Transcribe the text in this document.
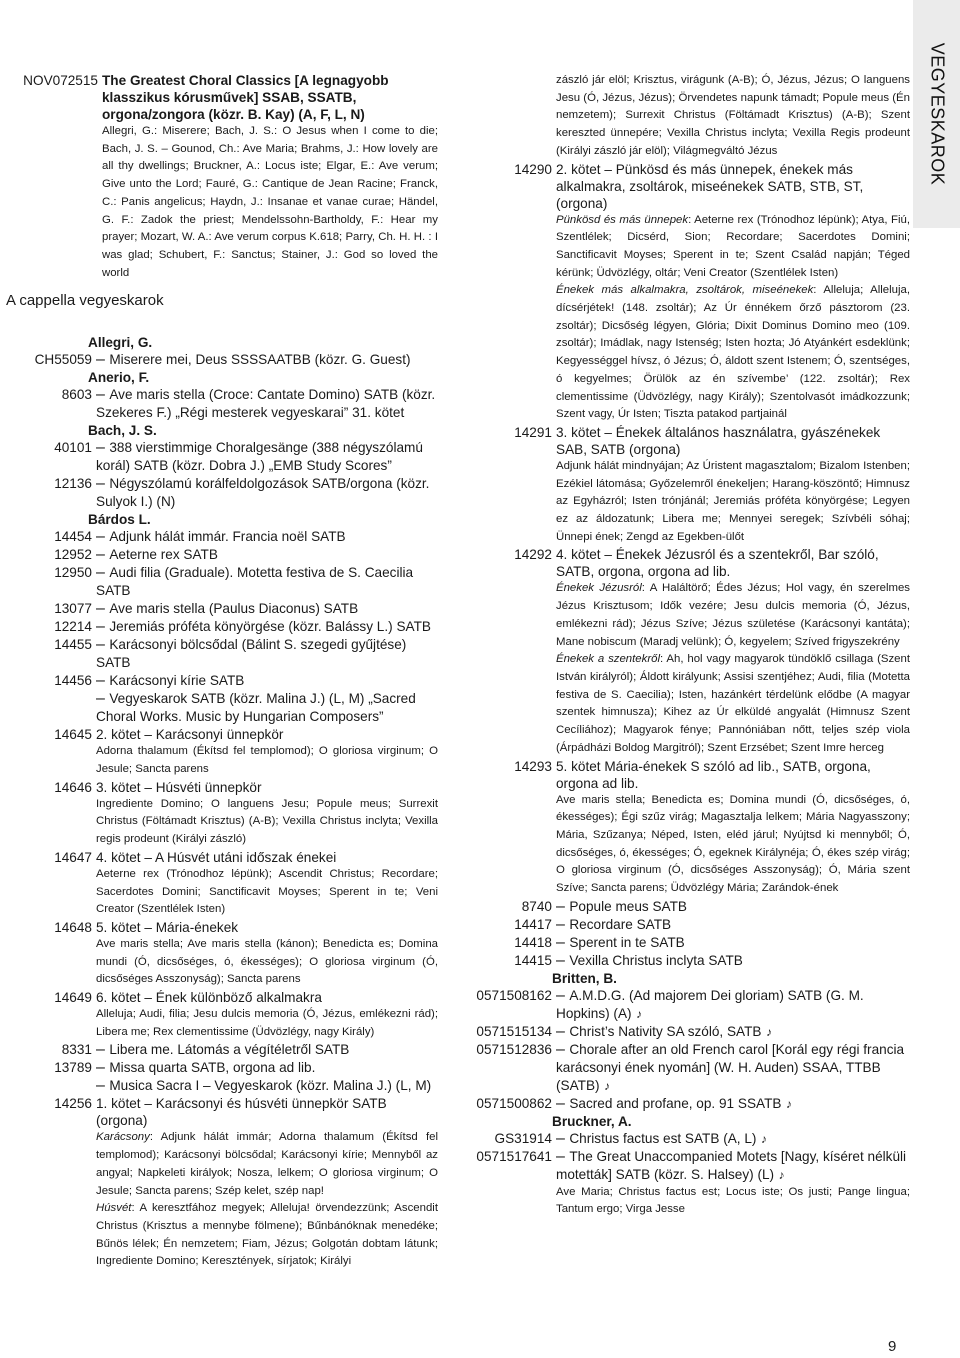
VEGYESKAROK
NOV072515 The Greatest Choral Classics [A legnagyobb klasszikus kórusművek] SSAB, SSATB, orgona/zongora (közr. B. Kay) (A, F, L, N)
Allegri, G.: Miserere; Bach, J. S.: O Jesus when I come to die; Bach, J. S. – Gounod, Ch.: Ave Maria; Brahms, J.: How lovely are all thy dwellings; Bruckner, A.: Locus iste; Elgar, E.: Ave verum; Give unto the Lord; Fauré, G.: Cantique de Jean Racine; Franck, C.: Panis angelicus; Haydn, J.: Insanae et vanae curae; Händel, G. F.: Zadok the priest; Mendelssohn-Bartholdy, F.: Hear my prayer; Mozart, W. A.: Ave verum corpus K.618; Parry, Ch. H. H. : I was glad; Schubert, F.: Sanctus; Stainer, J.: God so loved the world
A cappella vegyeskarok
Allegri, G.
CH55059 – Miserere mei, Deus SSSSAATBB (közr. G. Guest)
Anerio, F.
8603 – Ave maris stella (Croce: Cantate Domino) SATB (közr. Szekeres F.) „Régi mesterek vegyeskarai” 31. kötet
Bach, J. S.
40101 – 388 vierstimmige Choralgesänge (388 négyszólamú korál) SATB (közr. Dobra J.) „EMB Study Scores”
12136 – Négyszólamú korálfeldolgozások SATB/orgona (közr. Sulyok I.) (N)
Bárdos L.
14454 – Adjunk hálát immár. Francia noël SATB
12952 – Aeterne rex SATB
12950 – Audi filia (Graduale). Motetta festiva de S. Caecilia SATB
13077 – Ave maris stella (Paulus Diaconus) SATB
12214 – Jeremiás próféta könyörgése (közr. Balássy L.) SATB
14455 – Karácsonyi bölcsődal (Bálint S. szegedi gyűjtése) SATB
14456 – Karácsonyi kírie SATB
– Vegyeskarok SATB (közr. Malina J.) (L, M) „Sacred Choral Works. Music by Hungarian Composers”
14645 2. kötet – Karácsonyi ünnepkör
Adorna thalamum (Ékítsd fel templomod); O gloriosa virginum; O Jesule; Sancta parens
14646 3. kötet – Húsvéti ünnepkör
Ingrediente Domino; O languens Jesu; Popule meus; Surrexit Christus (Föltámadt Krisztus) (A-B); Vexilla Christus inclyta; Vexilla regis prodeunt (Királyi zászló)
14647 4. kötet – A Húsvét utáni időszak énekei
Aeterne rex (Trónodhoz lépünk); Ascendit Christus; Recordare; Sacerdotes Domini; Sanctificavit Moyses; Sperent in te; Veni Creator (Szentlélek Isten)
14648 5. kötet – Mária-énekek
Ave maris stella; Ave maris stella (kánon); Benedicta es; Domina mundi (Ó, dicsőséges, ó, ékességes); O gloriosa virginum (Ó, dicsőséges Asszonyság); Sancta parens
14649 6. kötet – Ének különböző alkalmakra
Alleluja; Audi, filia; Jesu dulcis memoria (Ó, Jézus, emlékezni rád); Libera me; Rex clementissime (Üdvözlégy, nagy Király)
8331 – Libera me. Látomás a végítéletről SATB
13789 – Missa quarta SATB, orgona ad lib.
– Musica Sacra I – Vegyeskarok (közr. Malina J.) (L, M)
14256 1. kötet – Karácsonyi és húsvéti ünnepkör SATB (orgona)
Karácsony: Adjunk hálát immár; Adorna thalamum (Ékítsd fel templomod); Karácsonyi bölcsődal; Karácsonyi kírie; Mennyből az angyal; Napkeleti királyok; Nosza, lelkem; O gloriosa virginum; O Jesule; Sancta parens; Szép kelet, szép nap!
Húsvét: A keresztfához megyek; Alleluja! örvendezzünk; Ascendit Christus (Krisztus a mennybe fölmene); Bűnbánóknak menedéke; Bűnös lélek; Én nemzetem; Fiam, Jézus; Golgotán dobtam látunk; Ingrediente Domino; Keresztények, sírjatok; Királyi
zászló jár elöl; Krisztus, virágunk (A-B); Ó, Jézus, Jézus; O languens Jesu (Ó, Jézus, Jézus); Örvendetes napunk támadt; Popule meus (Én nemzetem); Surrexit Christus (Föltámadt Krisztus) (A-B); Szent kereszted ünnepére; Vexilla Christus inclyta; Vexilla Regis prodeunt (Királyi zászló jár elöl); Világmegváltó Jézus
14290 2. kötet – Pünkösd és más ünnepek, énekek más alkalmakra, zsoltárok, miseénekek SATB, STB, ST, (orgona)
Pünkösd és más ünnepek: Aeterne rex (Trónodhoz lépünk); Atya, Fiú, Szentlélek; Dicsérd, Sion; Recordare; Sacerdotes Domini; Sanctificavit Moyses; Sperent in te; Szent Család napján; Téged kérünk; Üdvözlégy, oltár; Veni Creator (Szentlélek Isten)
Énekek más alkalmakra, zsoltárok, miseénekek: Alleluja; Alleluja, dícsérjétek! (148. zsoltár); Az Úr énnékem őrző pásztorom (23. zsoltár); Dicsőség légyen, Glória; Dixit Dominus Domino meo (109. zsoltár); Imádlak, nagy Istenség; Isten hozta; Jó Atyánkért esdeklünk; Kegyességgel hívsz, ó Jézus; Ó, áldott szent Istenem; Ó, szentséges, ó kegyelmes; Örülök az én szívembe’ (122. zsoltár); Rex clementissime (Üdvözlégy, nagy Király); Szentolvasót imádkozzunk; Szent vagy, Úr Isten; Tiszta patakod partjainál
14291 3. kötet – Énekek általános használatra, gyászénekek SAB, SATB (orgona)
Adjunk hálát mindnyájan; Az Úristent magasztalom; Bizalom Istenben; Ezékiel látomása; Győzelemről énekeljen; Harang-köszöntő; Himnusz az Egyházról; Isten trónjánál; Jeremiás próféta könyörgése; Legyen ez az áldozatunk; Libera me; Mennyei seregek; Szívbéli sóhaj; Ünnepi ének; Zengd az Egekben-ülőt
14292 4. kötet – Énekek Jézusról és a szentekről, Bar szóló, SATB, orgona, orgona ad lib.
Énekek Jézusról: A Haláltörő; Édes Jézus; Hol vagy, én szerelmes Jézus Krisztusom; Idők vezére; Jesu dulcis memoria (Ó, Jézus, emlékezni rád); Jézus Szíve; Jézus születése (Karácsonyi kantáta); Mane nobiscum (Maradj velünk); Ó, kegyelem; Szíved frigyszekrény
Énekek a szentekről: Ah, hol vagy magyarok tündöklő csillaga (Szent István királyról); Áldott királyunk; Assisi szentjéhez; Audi, filia (Motetta festiva de S. Caecilia); Isten, hazánkért térdelünk elődbe (A magyar szentek himnusza); Kihez az Úr elküldé angyalát (Himnusz Szent Cecíliához); Magyarok fénye; Pannóniában nőtt, teljes szép viola (Árpádházi Boldog Margitról); Szent Erzsébet; Szent Imre herceg
14293 5. kötet Mária-énekek S szóló ad lib., SATB, orgona, orgona ad lib.
Ave maris stella; Benedicta es; Domina mundi (Ó, dicsőséges, ó, ékességes); Égi szűz virág; Magasztalja lelkem; Mária Nagyasszony; Mária, Szűzanya; Néped, Isten, eléd járul; Nyújtsd ki mennyből; Ó, dicsőséges, ó, ékességes; Ó, egeknek Királynéja; Ó, ékes szép virág; O gloriosa virginum (Ó, dicsőséges Asszonyság); Ó, Mária szent Szíve; Sancta parens; Üdvözlégy Mária; Zarándok-ének
8740 – Popule meus SATB
14417 – Recordare SATB
14418 – Sperent in te SATB
14415 – Vexilla Christus inclyta SATB
Britten, B.
0571508162 – A.M.D.G. (Ad majorem Dei gloriam) SATB (G. M. Hopkins) (A) ♪
0571515134 – Christ’s Nativity SA szóló, SATB ♪
0571512836 – Chorale after an old French carol [Korál egy régi francia karácsonyi ének nyomán] (W. H. Auden) SSAA, TTBB (SATB) ♪
0571500862 – Sacred and profane, op. 91 SSATB ♪
Bruckner, A.
GS31914 – Christus factus est SATB (A, L) ♪
0571517641 – The Great Unaccompanied Motets [Nagy, kíséret nélküli motetták] SATB (közr. S. Halsey) (L) ♪
Ave Maria; Christus factus est; Locus iste; Os justi; Pange lingua; Tantum ergo; Virga Jesse
9
